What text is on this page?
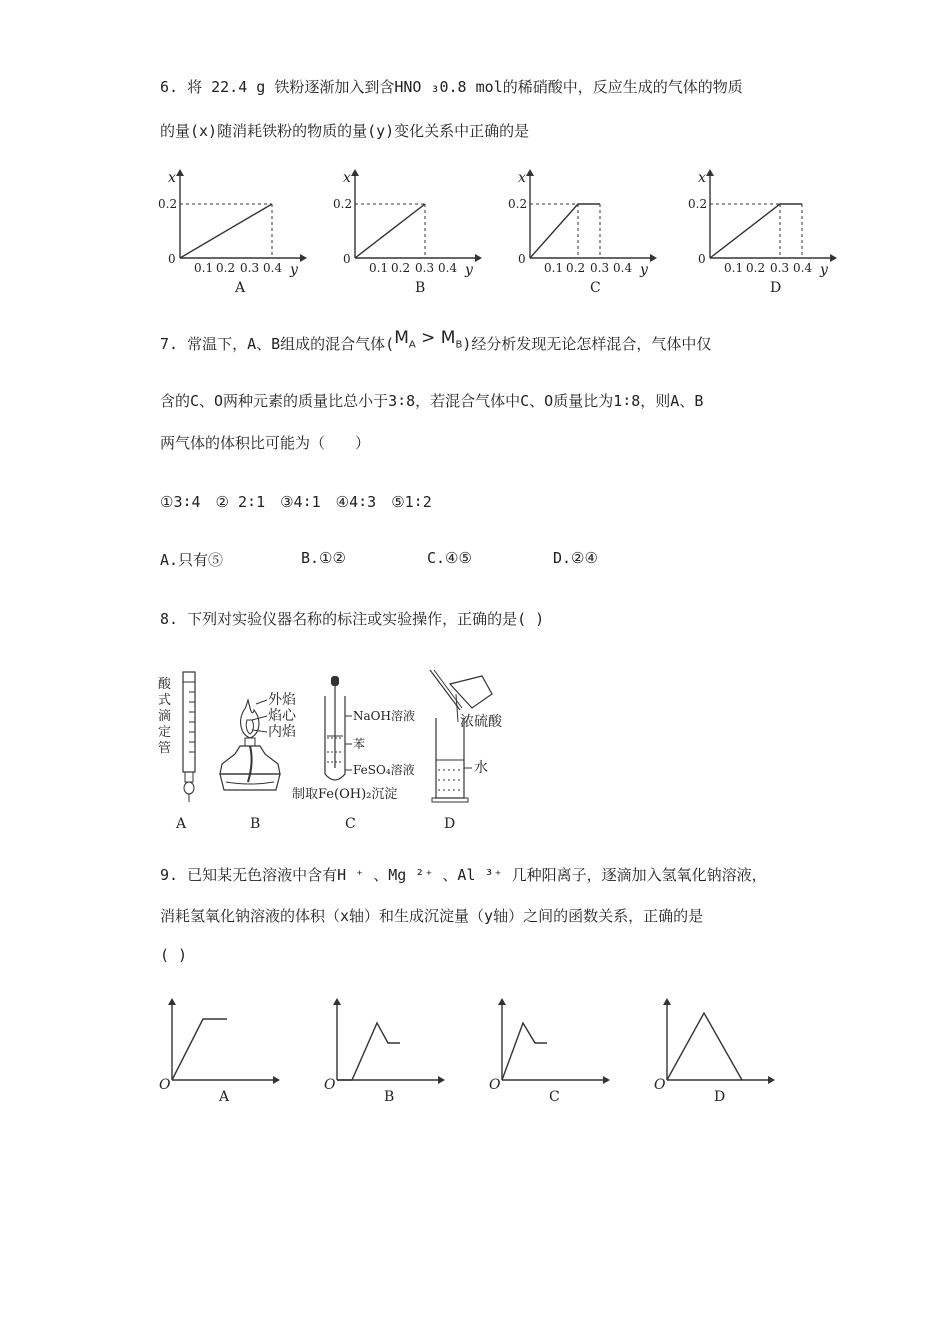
6. 将 22.4 g 铁粉逐渐加入到含HNO ₃0.8 mol的稀硝酸中，反应生成的气体的物质
的量(x)随消耗铁粉的物质的量(y)变化关系中正确的是
x
y
0
0.2
0.1 0.2 0.3 0.4
A
x
y
0
0.2
0.1 0.2 0.3 0.4
B
x
y
0
0.2
0.1 0.2 0.3 0.4
C
x
y
0
0.2
0.1 0.2 0.3 0.4
D
7. 常温下，A、B组成的混合气体$(M_A > M_B)$经分析发现无论怎样混合，气体中仅
含的C、O两种元素的质量比总小于3∶8，若混合气体中C、O质量比为1∶8，则A、B
两气体的体积比可能为（　　）
①3∶4　② 2∶1　③4∶1　④4∶3　⑤1∶2
A.只有⑤	B.①②	C.④⑤	D.②④
8. 下列对实验仪器名称的标注或实验操作，正确的是( )
酸式滴定管
A
外焰
焰心
内焰
B
NaOH溶液
苯
FeSO₄溶液
制取Fe(OH)₂沉淀
C
浓硫酸
水
D
9. 已知某无色溶液中含有H ⁺ 、Mg ²⁺ 、Al ³⁺ 几种阳离子，逐滴加入氢氧化钠溶液，
消耗氢氧化钠溶液的体积（x轴）和生成沉淀量（y轴）之间的函数关系，正确的是
( )
O
A
O
B
O
C
O
D
